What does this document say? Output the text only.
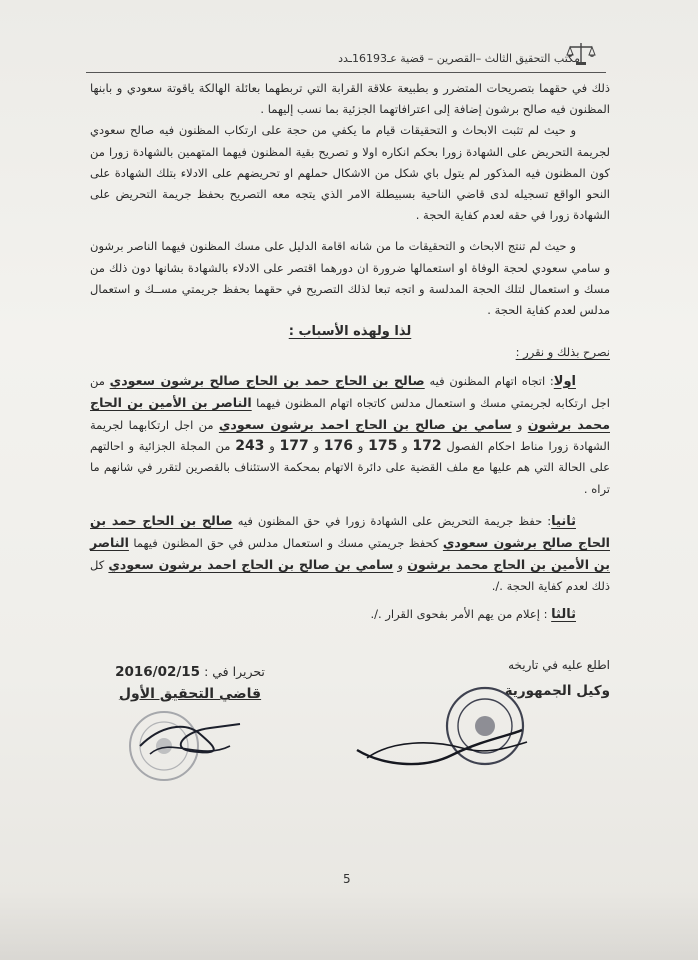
مكتب التحقيق الثالث –القصرين – قضية عـ16193ـدد

ذلك في حقهما بتصريحات المتضرر و بطبيعة علاقة القرابة التي تربطهما بعائلة الهالكة ياقوتة سعودي و بابنها المظنون فيه صالح برشون إضافة إلى اعترافاتهما الجزئية بما نسب إليهما .

و حيث لم تثبت الابحاث و التحقيقات قيام ما يكفي من حجة على ارتكاب المظنون فيه صالح سعودي لجريمة التحريض على الشهادة زورا بحكم انكاره اولا و تصريح بقية المظنون فيهما المتهمين بالشهادة زورا من كون المظنون فيه المذكور لم يتول باي شكل من الاشكال حملهم او تحريضهم على الادلاء بتلك الشهادة على النحو الواقع تسجيله لدى قاضي الناحية بسبيطلة الامر الذي يتجه معه التصريح بحفظ جريمة التحريض على الشهادة زورا في حقه لعدم كفاية الحجة .

و حيث لم تنتج الابحاث و التحقيقات ما من شانه اقامة الدليل على مسك المظنون فيهما الناصر برشون و سامي سعودي لحجة الوفاة او استعمالها ضرورة ان دورهما اقتصر على الادلاء بالشهادة بشانها دون ذلك من مسك و استعمال لتلك الحجة المدلسة و اتجه تبعا لذلك التصريح في حقهما بحفظ جريمتي مســك و استعمال مدلس لعدم كفاية الحجة .

لذا ولهذه الأسباب :

نصرح بذلك و نقرر :

اولا: اتجاه اتهام المظنون فيه صالح بن الحاج حمد بن الحاج صالح برشون سعودي من اجل ارتكابه لجريمتي مسك و استعمال مدلس كاتجاه اتهام المظنون فيهما الناصر بن الأمين بن الحاج محمد برشون و سامي بن صالح بن الحاج احمد برشون سعودي من اجل ارتكابهما لجريمة الشهادة زورا مناط احكام الفصول 172 و 175 و 176 و 177 و 243 من المجلة الجزائية و احالتهم على الحالة التي هم عليها مع ملف القضية على دائرة الاتهام بمحكمة الاستئناف بالقصرين لتقرر في شانهم ما تراه .

ثانيا: حفظ جريمة التحريض على الشهادة زورا في حق المظنون فيه صالح بن الحاج حمد بن الحاج صالح برشون سعودي كحفظ جريمتي مسك و استعمال مدلس في حق المظنون فيهما الناصر بن الأمين بن الحاج محمد برشون و سامي بن صالح بن الحاج احمد برشون سعودي كل ذلك لعدم كفاية الحجة ./.

ثالثا : إعلام من يهم الأمر بفحوى القرار ./.

تحريرا في : 2016/02/15
قاضي التحقيق الأول
اطلع عليه في تاريخه
وكيل الجمهورية
5
